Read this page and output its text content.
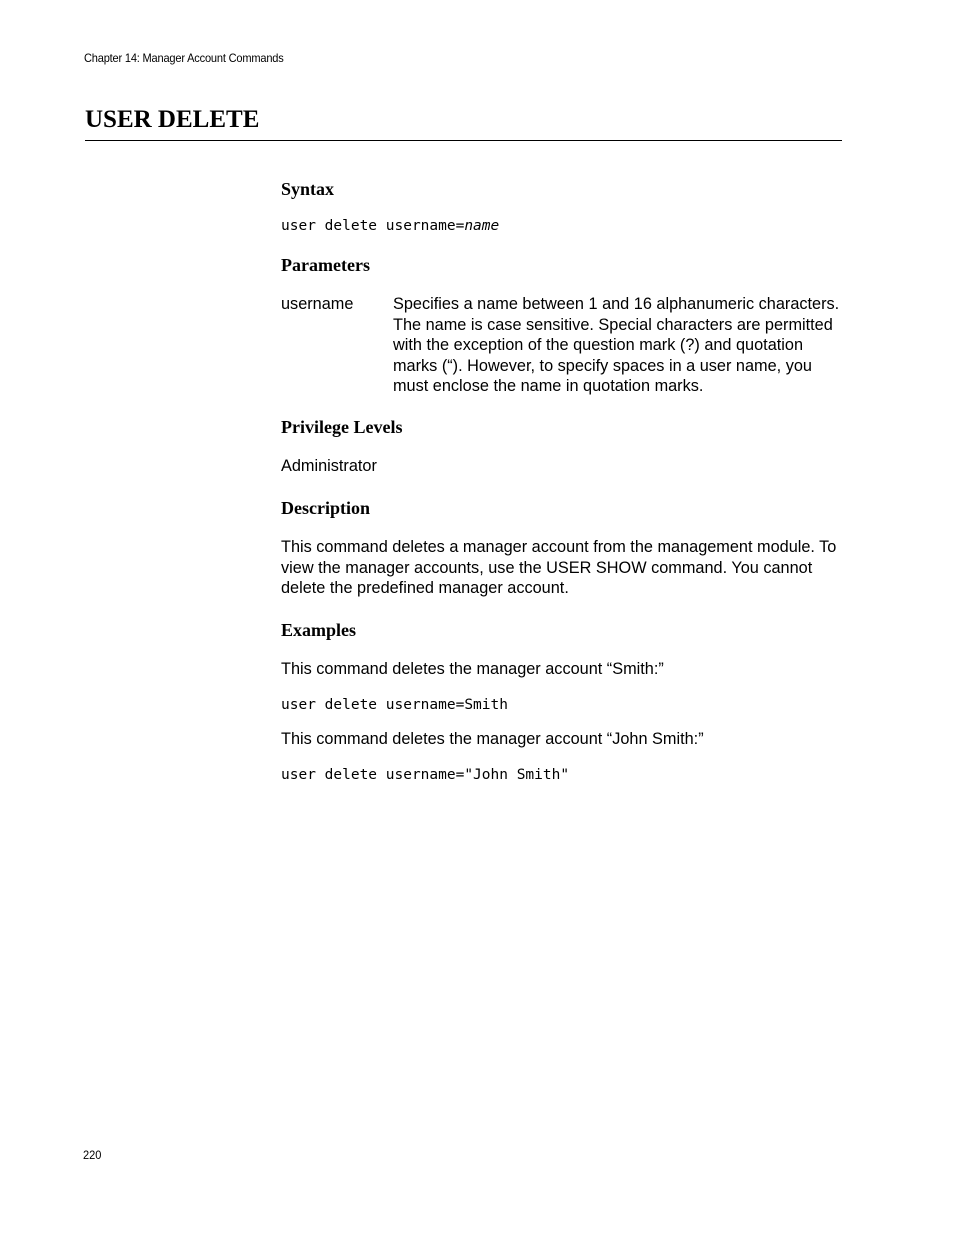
Chapter 14: Manager Account Commands
USER DELETE
Syntax
user delete username=name
Parameters
username Specifies a name between 1 and 16 alphanumeric characters. The name is case sensitive. Special characters are permitted with the exception of the question mark (?) and quotation marks (“). However, to specify spaces in a user name, you must enclose the name in quotation marks.

Privilege Levels

Administrator

Description

This command deletes a manager account from the management module. To view the manager accounts, use the USER SHOW command. You cannot delete the predefined manager account.

Examples

This command deletes the manager account “Smith:”

user delete username=Smith

This command deletes the manager account “John Smith:”

user delete username="John Smith"
220
